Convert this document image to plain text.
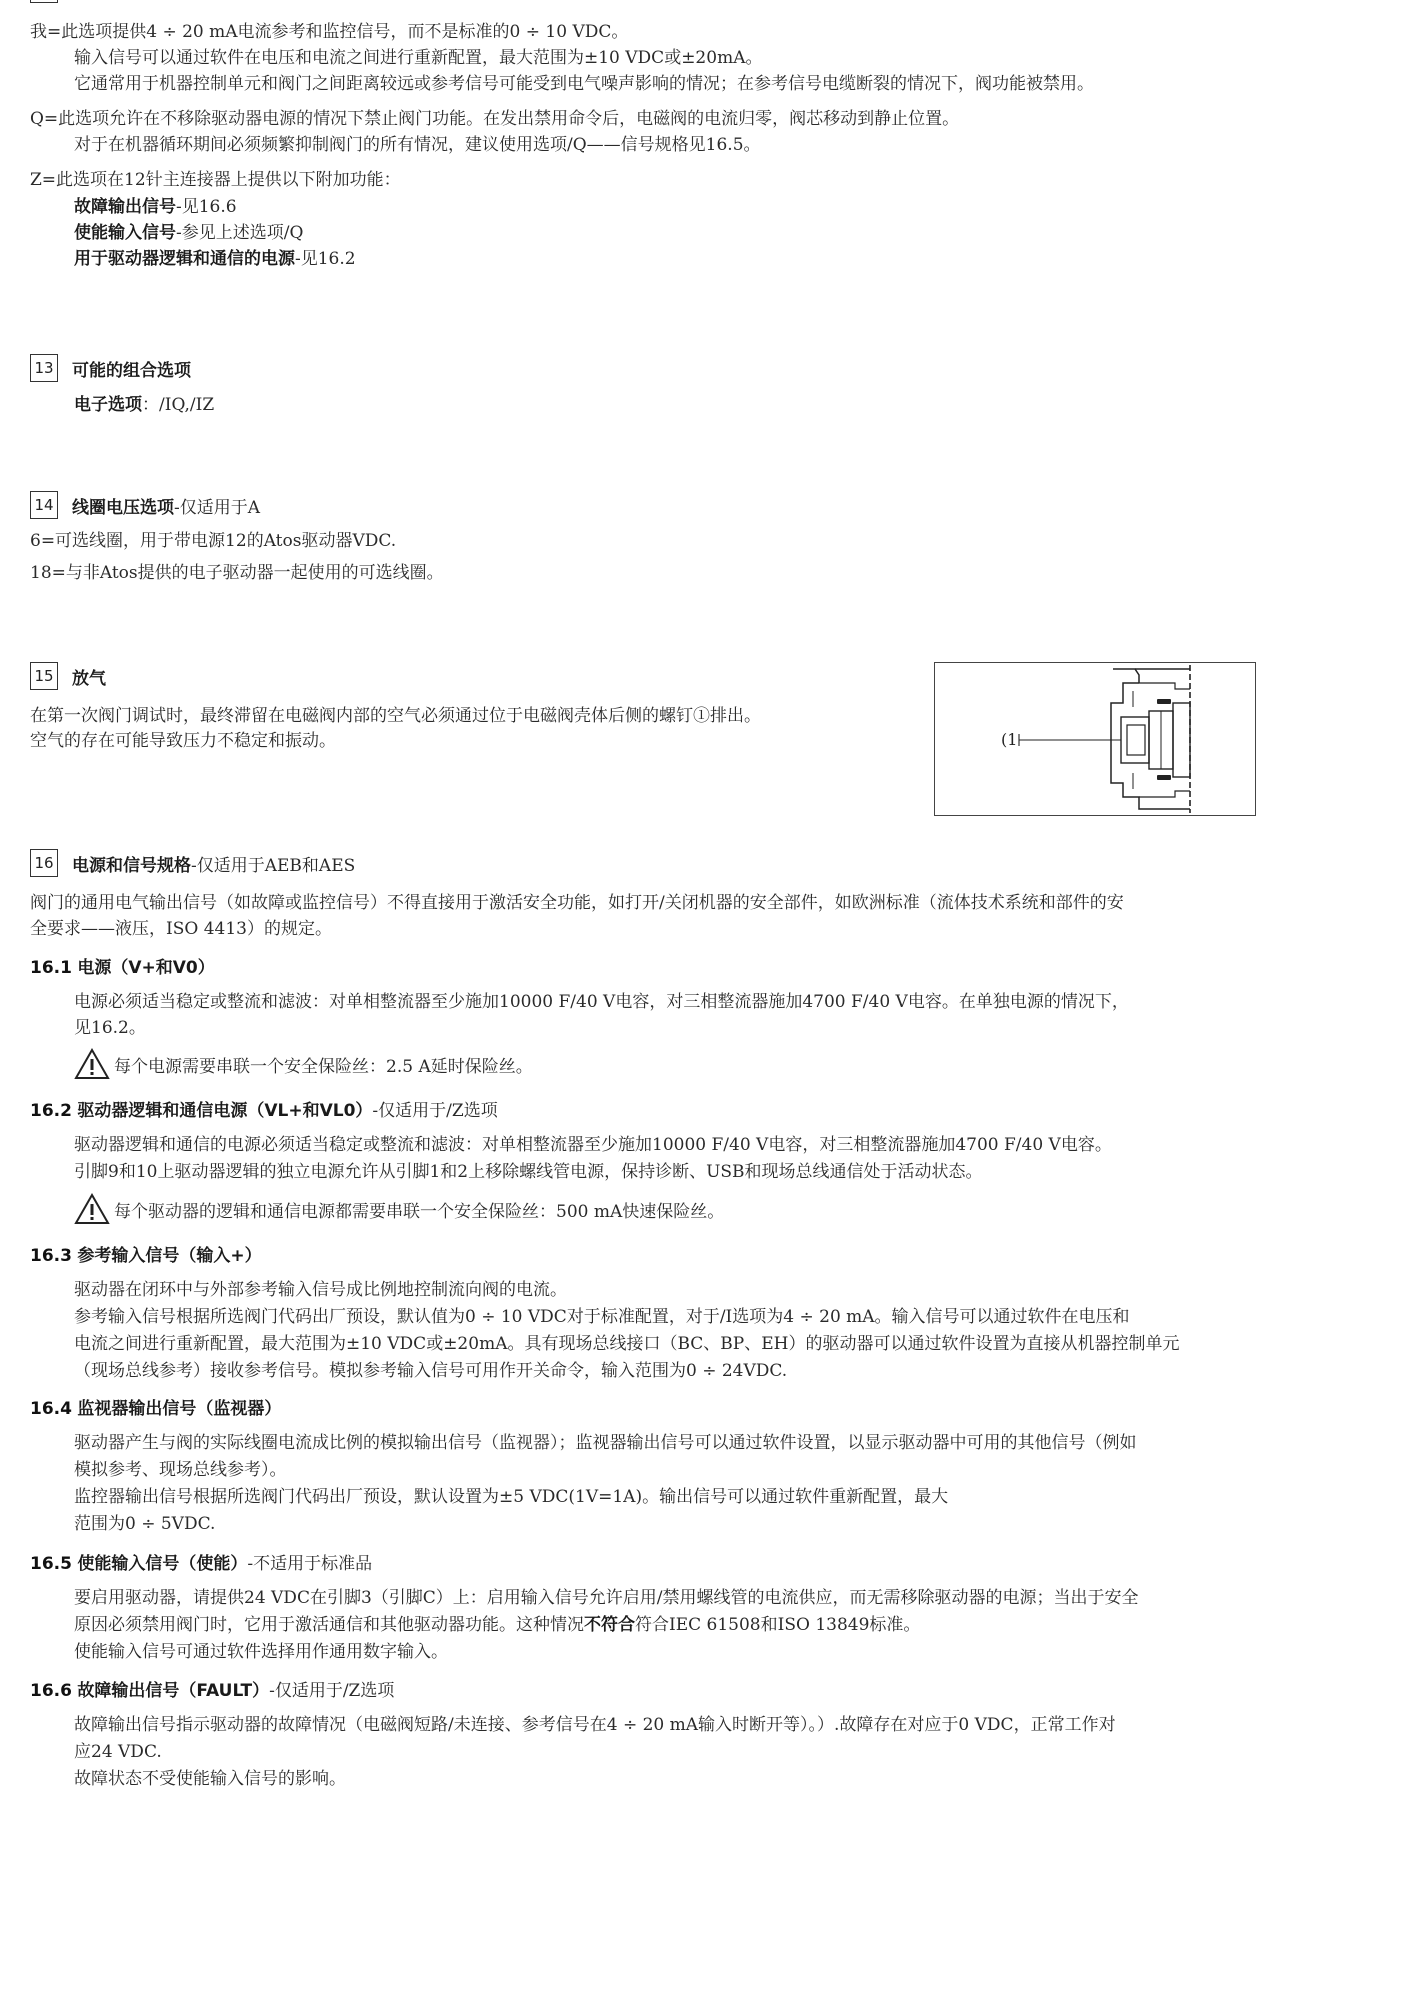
我=此选项提供4 ÷ 20 mA电流参考和监控信号，而不是标准的0 ÷ 10 VDC。
输入信号可以通过软件在电压和电流之间进行重新配置，最大范围为±10 VDC或±20mA。
它通常用于机器控制单元和阀门之间距离较远或参考信号可能受到电气噪声影响的情况；在参考信号电缆断裂的情况下，阀功能被禁用。
Q=此选项允许在不移除驱动器电源的情况下禁止阀门功能。在发出禁用命令后，电磁阀的电流归零，阀芯移动到静止位置。
对于在机器循环期间必须频繁抑制阀门的所有情况，建议使用选项/Q——信号规格见16.5。
Z=此选项在12针主连接器上提供以下附加功能：
故障输出信号-见16.6
使能输入信号-参见上述选项/Q
用于驱动器逻辑和通信的电源-见16.2
13 可能的组合选项
电子选项：/IQ,/IZ
14 线圈电压选项-仅适用于A
6=可选线圈，用于带电源12的Atos驱动器VDC.
18=与非Atos提供的电子驱动器一起使用的可选线圈。
15 放气
在第一次阀门调试时，最终滞留在电磁阀内部的空气必须通过位于电磁阀壳体后侧的螺钉①排出。
空气的存在可能导致压力不稳定和振动。	(1
16 电源和信号规格-仅适用于AEB和AES
阀门的通用电气输出信号（如故障或监控信号）不得直接用于激活安全功能，如打开/关闭机器的安全部件，如欧洲标准（流体技术系统和部件的安
全要求——液压，ISO 4413）的规定。
16.1 电源（V+和V0）
电源必须适当稳定或整流和滤波：对单相整流器至少施加10000 F/40 V电容，对三相整流器施加4700 F/40 V电容。在单独电源的情况下，
见16.2。
每个电源需要串联一个安全保险丝：2.5 A延时保险丝。
16.2 驱动器逻辑和通信电源（VL+和VL0）-仅适用于/Z选项
驱动器逻辑和通信的电源必须适当稳定或整流和滤波：对单相整流器至少施加10000 F/40 V电容，对三相整流器施加4700 F/40 V电容。
引脚9和10上驱动器逻辑的独立电源允许从引脚1和2上移除螺线管电源，保持诊断、USB和现场总线通信处于活动状态。
每个驱动器的逻辑和通信电源都需要串联一个安全保险丝：500 mA快速保险丝。
16.3 参考输入信号（输入+）
驱动器在闭环中与外部参考输入信号成比例地控制流向阀的电流。
参考输入信号根据所选阀门代码出厂预设，默认值为0 ÷ 10 VDC对于标准配置，对于/I选项为4 ÷ 20 mA。输入信号可以通过软件在电压和
电流之间进行重新配置，最大范围为±10 VDC或±20mA。具有现场总线接口（BC、BP、EH）的驱动器可以通过软件设置为直接从机器控制单元
（现场总线参考）接收参考信号。模拟参考输入信号可用作开关命令，输入范围为0 ÷ 24VDC.
16.4 监视器输出信号（监视器）
驱动器产生与阀的实际线圈电流成比例的模拟输出信号（监视器）；监视器输出信号可以通过软件设置，以显示驱动器中可用的其他信号（例如
模拟参考、现场总线参考）。
监控器输出信号根据所选阀门代码出厂预设，默认设置为±5 VDC(1V=1A)。输出信号可以通过软件重新配置，最大
范围为0 ÷ 5VDC.
16.5 使能输入信号（使能）-不适用于标准品
要启用驱动器，请提供24 VDC在引脚3（引脚C）上：启用输入信号允许启用/禁用螺线管的电流供应，而无需移除驱动器的电源；当出于安全
原因必须禁用阀门时，它用于激活通信和其他驱动器功能。这种情况不符合符合IEC 61508和ISO 13849标准。
使能输入信号可通过软件选择用作通用数字输入。
16.6 故障输出信号（FAULT）-仅适用于/Z选项
故障输出信号指示驱动器的故障情况（电磁阀短路/未连接、参考信号在4 ÷ 20 mA输入时断开等）。）.故障存在对应于0 VDC，正常工作对
应24 VDC.
故障状态不受使能输入信号的影响。
